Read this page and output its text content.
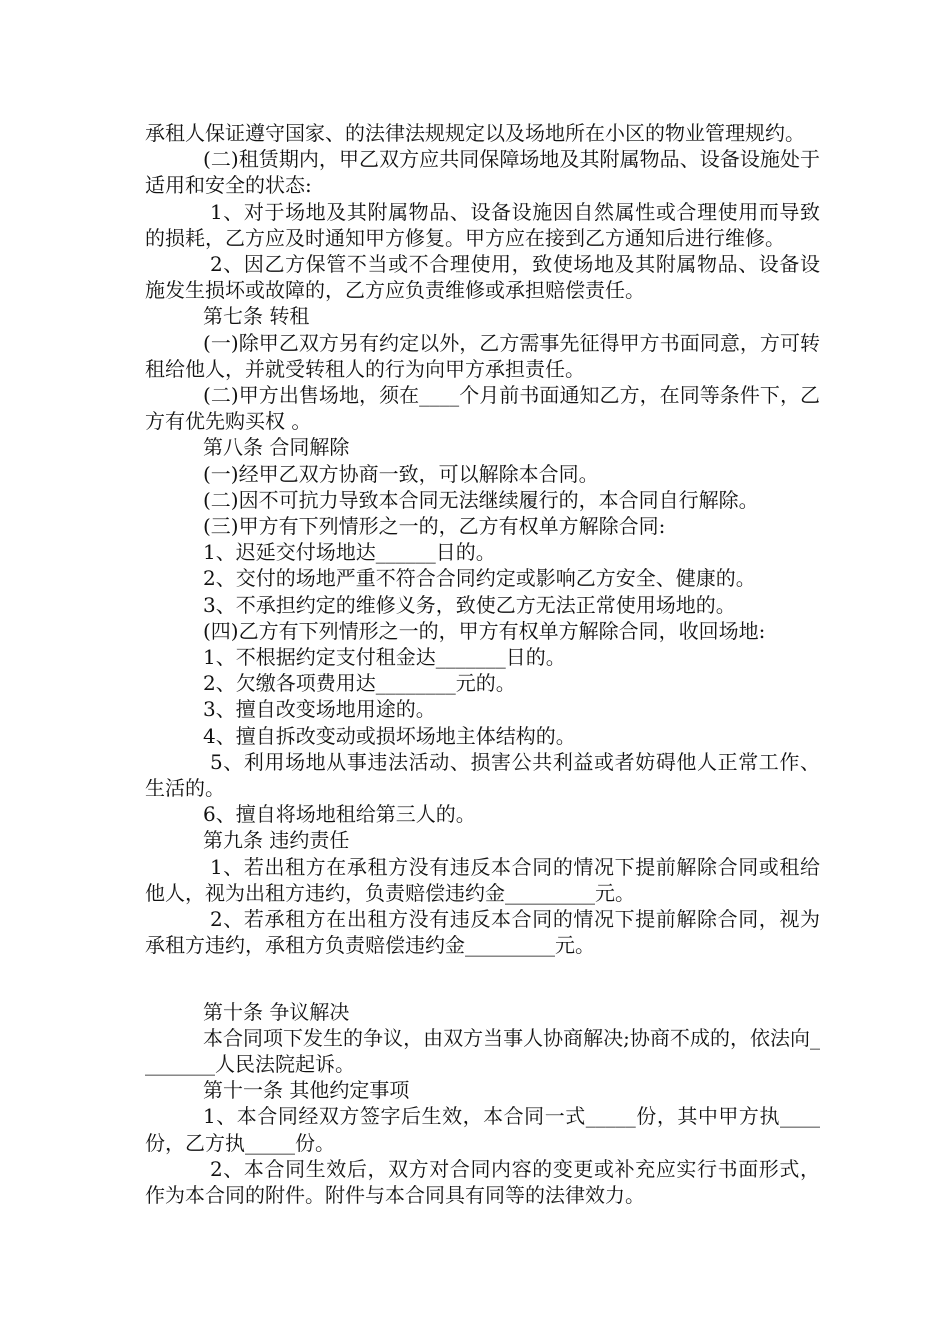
承租人保证遵守国家、的法律法规规定以及场地所在小区的物业管理规约。

(二)租赁期内，甲乙双方应共同保障场地及其附属物品、设备设施处于适用和安全的状态:

1、对于场地及其附属物品、设备设施因自然属性或合理使用而导致的损耗，乙方应及时通知甲方修复。甲方应在接到乙方通知后进行维修。

2、因乙方保管不当或不合理使用，致使场地及其附属物品、设备设施发生损坏或故障的，乙方应负责维修或承担赔偿责任。

第七条 转租

(一)除甲乙双方另有约定以外，乙方需事先征得甲方书面同意，方可转租给他人，并就受转租人的行为向甲方承担责任。

(二)甲方出售场地，须在____个月前书面通知乙方，在同等条件下，乙方有优先购买权 。

第八条 合同解除

(一)经甲乙双方协商一致，可以解除本合同。

(二)因不可抗力导致本合同无法继续履行的，本合同自行解除。

(三)甲方有下列情形之一的，乙方有权单方解除合同:

1、迟延交付场地达______日的。

2、交付的场地严重不符合合同约定或影响乙方安全、健康的。

3、不承担约定的维修义务，致使乙方无法正常使用场地的。

(四)乙方有下列情形之一的，甲方有权单方解除合同，收回场地:

1、不根据约定支付租金达_______日的。

2、欠缴各项费用达________元的。

3、擅自改变场地用途的。

4、擅自拆改变动或损坏场地主体结构的。

5、利用场地从事违法活动、损害公共利益或者妨碍他人正常工作、生活的。

6、擅自将场地租给第三人的。

第九条 违约责任

1、若出租方在承租方没有违反本合同的情况下提前解除合同或租给他人，视为出租方违约，负责赔偿违约金_________元。

2、若承租方在出租方没有违反本合同的情况下提前解除合同，视为承租方违约，承租方负责赔偿违约金_________元。

第十条 争议解决

本合同项下发生的争议，由双方当事人协商解决;协商不成的，依法向________人民法院起诉。

第十一条 其他约定事项

1、本合同经双方签字后生效，本合同一式_____份，其中甲方执____份，乙方执_____份。

2、本合同生效后，双方对合同内容的变更或补充应实行书面形式，作为本合同的附件。附件与本合同具有同等的法律效力。
